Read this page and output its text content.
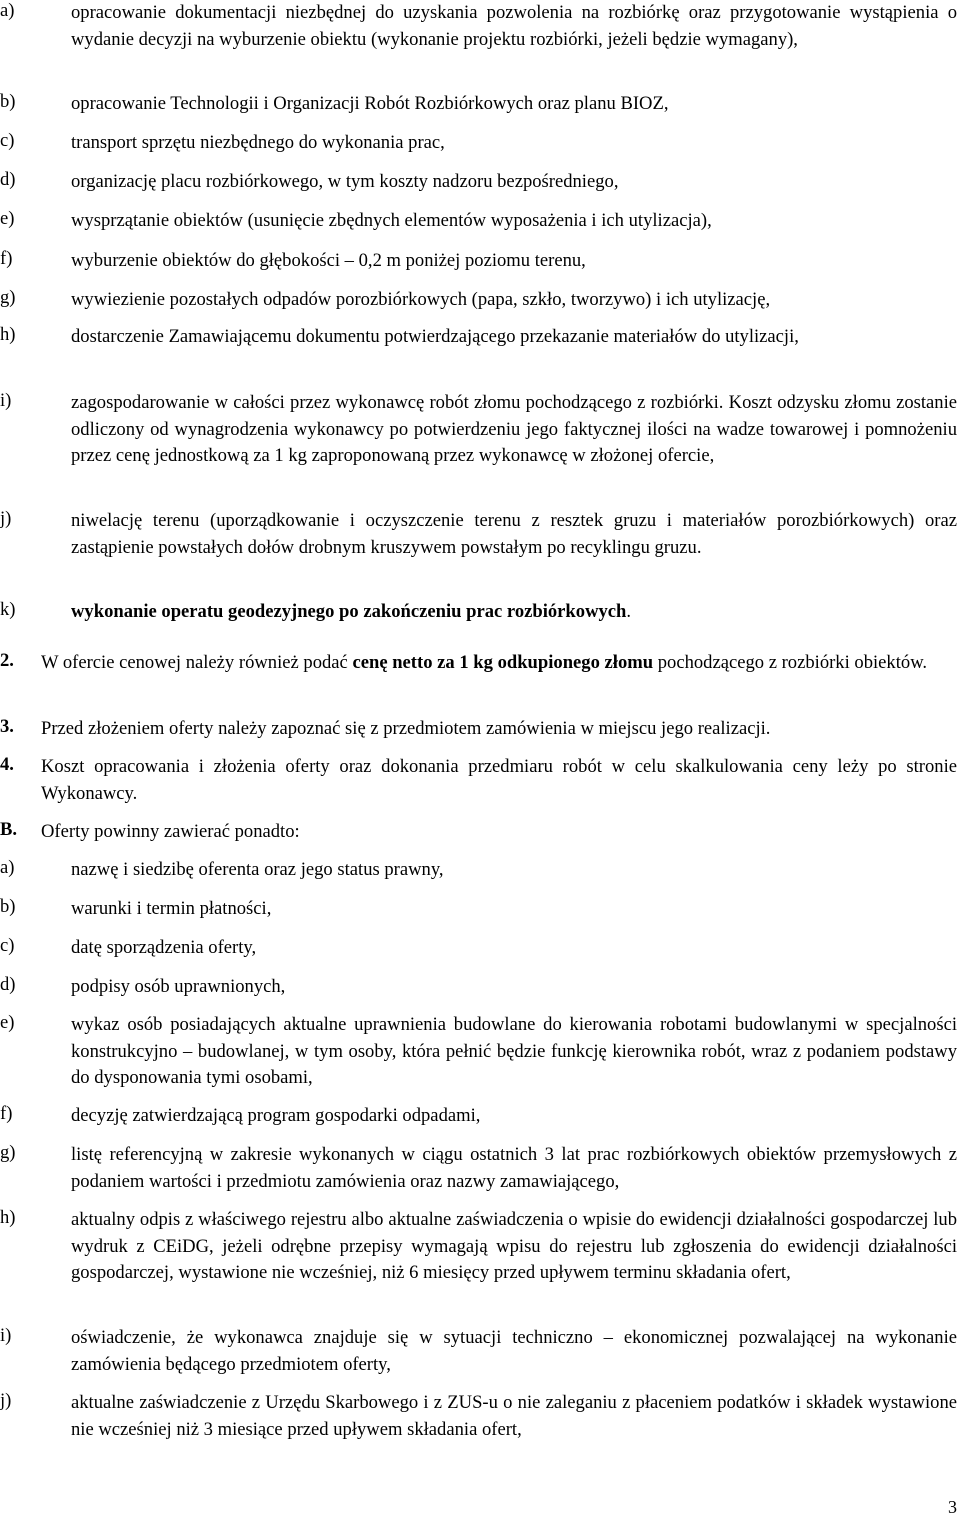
a)	opracowanie dokumentacji niezbędnej do uzyskania pozwolenia na rozbiórkę oraz przygotowanie wystąpienia o wydanie decyzji na wyburzenie obiektu (wykonanie projektu rozbiórki, jeżeli będzie wymagany),
b)	opracowanie Technologii i Organizacji Robót Rozbiórkowych oraz planu BIOZ,
c)	transport sprzętu niezbędnego do wykonania prac,
d)	organizację placu rozbiórkowego, w tym koszty nadzoru bezpośredniego,
e)	wysprzątanie obiektów (usunięcie zbędnych elementów wyposażenia i ich utylizacja),
f)	wyburzenie obiektów do głębokości – 0,2 m poniżej poziomu terenu,
g)	wywiezienie pozostałych odpadów porozbiórkowych (papa, szkło, tworzywo) i ich utylizację,
h)	dostarczenie Zamawiającemu dokumentu potwierdzającego przekazanie materiałów do utylizacji,
i)	zagospodarowanie w całości przez wykonawcę robót złomu pochodzącego z rozbiórki. Koszt odzysku złomu zostanie odliczony od wynagrodzenia wykonawcy po potwierdzeniu jego faktycznej ilości na wadze towarowej i pomnożeniu przez cenę jednostkową za 1 kg zaproponowaną przez wykonawcę w złożonej ofercie,
j)	niwelację terenu (uporządkowanie i oczyszczenie terenu z resztek gruzu i materiałów porozbiórkowych) oraz zastąpienie powstałych dołów drobnym kruszywem powstałym po recyklingu gruzu.
k)	wykonanie operatu geodezyjnego po zakończeniu prac rozbiórkowych.
2.	W ofercie cenowej należy również podać cenę netto za 1 kg odkupionego złomu pochodzącego z rozbiórki obiektów.
3.	Przed złożeniem oferty należy zapoznać się z przedmiotem zamówienia w miejscu jego realizacji.
4.	Koszt opracowania i złożenia oferty oraz dokonania przedmiaru robót w celu skalkulowania ceny leży po stronie Wykonawcy.
B.	Oferty powinny zawierać ponadto:
a)	nazwę i siedzibę oferenta oraz jego status prawny,
b)	warunki i termin płatności,
c)	datę sporządzenia oferty,
d)	podpisy osób uprawnionych,
e)	wykaz osób posiadających aktualne uprawnienia budowlane do kierowania robotami budowlanymi w specjalności konstrukcyjno – budowlanej, w tym osoby, która pełnić będzie funkcję kierownika robót, wraz z podaniem podstawy do dysponowania tymi osobami,
f)	decyzję zatwierdzającą program gospodarki odpadami,
g)	listę referencyjną w zakresie wykonanych w ciągu ostatnich 3 lat prac rozbiórkowych obiektów przemysłowych z podaniem wartości i przedmiotu zamówienia oraz nazwy zamawiającego,
h)	aktualny odpis z właściwego rejestru albo aktualne zaświadczenia o wpisie do ewidencji działalności gospodarczej lub wydruk z CEiDG, jeżeli odrębne przepisy wymagają wpisu do rejestru lub zgłoszenia do ewidencji działalności gospodarczej, wystawione nie wcześniej, niż 6 miesięcy przed upływem terminu składania ofert,
i)	oświadczenie, że wykonawca znajduje się w sytuacji techniczno – ekonomicznej pozwalającej na wykonanie zamówienia będącego przedmiotem oferty,
j)	aktualne zaświadczenie z Urzędu Skarbowego i z ZUS-u o nie zaleganiu z płaceniem podatków i składek wystawione nie wcześniej niż 3 miesiące przed upływem składania ofert,
3
